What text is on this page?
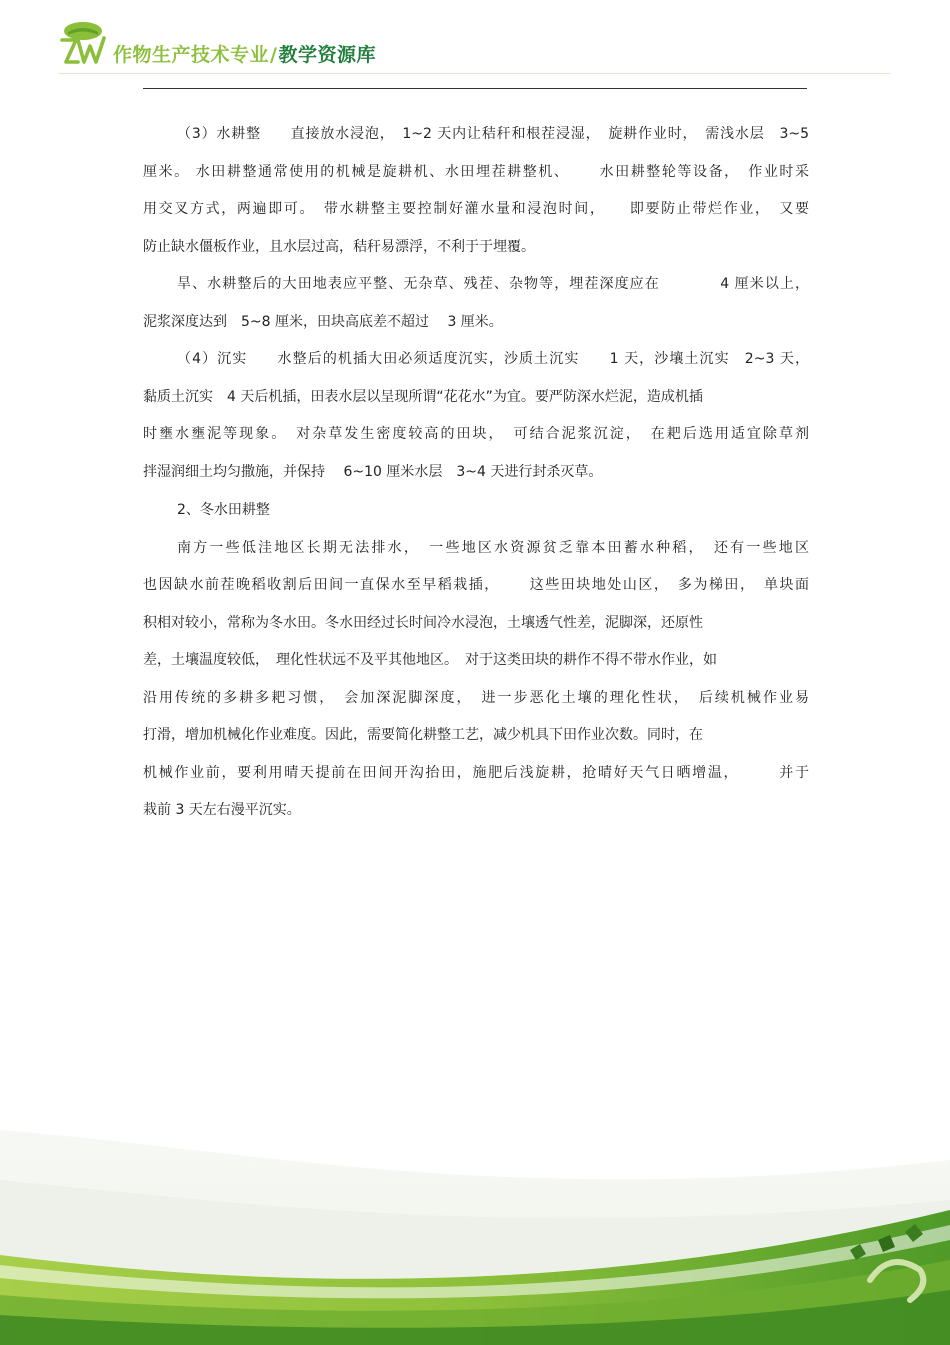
作物生产技术专业/教学资源库

（3）水耕整　　直接放水浸泡，　1~2 天内让秸秆和根茬浸湿，　旋耕作业时，　需浅水层　3~5

厘米。 水田耕整通常使用的机械是旋耕机、水田埋茬耕整机、　　 水田耕整轮等设备，　作业时采

用交叉方式，两遍即可。　带水耕整主要控制好灌水量和浸泡时间，　　即要防止带烂作业，　又要

防止缺水僵板作业，且水层过高，秸秆易漂浮，不利于于埋覆。

旱、水耕整后的大田地表应平整、无杂草、残茬、杂物等，埋茬深度应在　　　　4 厘米以上，

泥浆深度达到　5~8 厘米，田块高底差不超过　 3 厘米。

（4）沉实　　水整后的机插大田必须适度沉实，沙质土沉实　　1 天，沙壤土沉实　2~3 天，

黏质土沉实　4 天后机插，田表水层以呈现所谓“花花水”为宜。要严防深水烂泥，造成机插

时壅水壅泥等现象。　对杂草发生密度较高的田块，　可结合泥浆沉淀，　在耙后选用适宜除草剂

拌湿润细土均匀撒施，并保持　 6~10 厘米水层　3~4 天进行封杀灭草。

2、冬水田耕整

南方一些低洼地区长期无法排水，　一些地区水资源贫乏靠本田蓄水种稻，　还有一些地区

也因缺水前茬晚稻收割后田间一直保水至早稻栽插，　　 这些田块地处山区，　多为梯田，　单块面

积相对较小，常称为冬水田。冬水田经过长时间冷水浸泡，土壤透气性差，泥脚深，还原性

差，土壤温度较低，　理化性状远不及平其他地区。　对于这类田块的耕作不得不带水作业，如

沿用传统的多耕多耙习惯，　会加深泥脚深度，　进一步恶化土壤的理化性状，　后续机械作业易

打滑，增加机械化作业难度。因此，需要简化耕整工艺，减少机具下田作业次数。同时，在

机械作业前，要利用晴天提前在田间开沟抬田，施肥后浅旋耕，抢晴好天气日晒增温，　　　并于

栽前 3 天左右漫平沉实。
